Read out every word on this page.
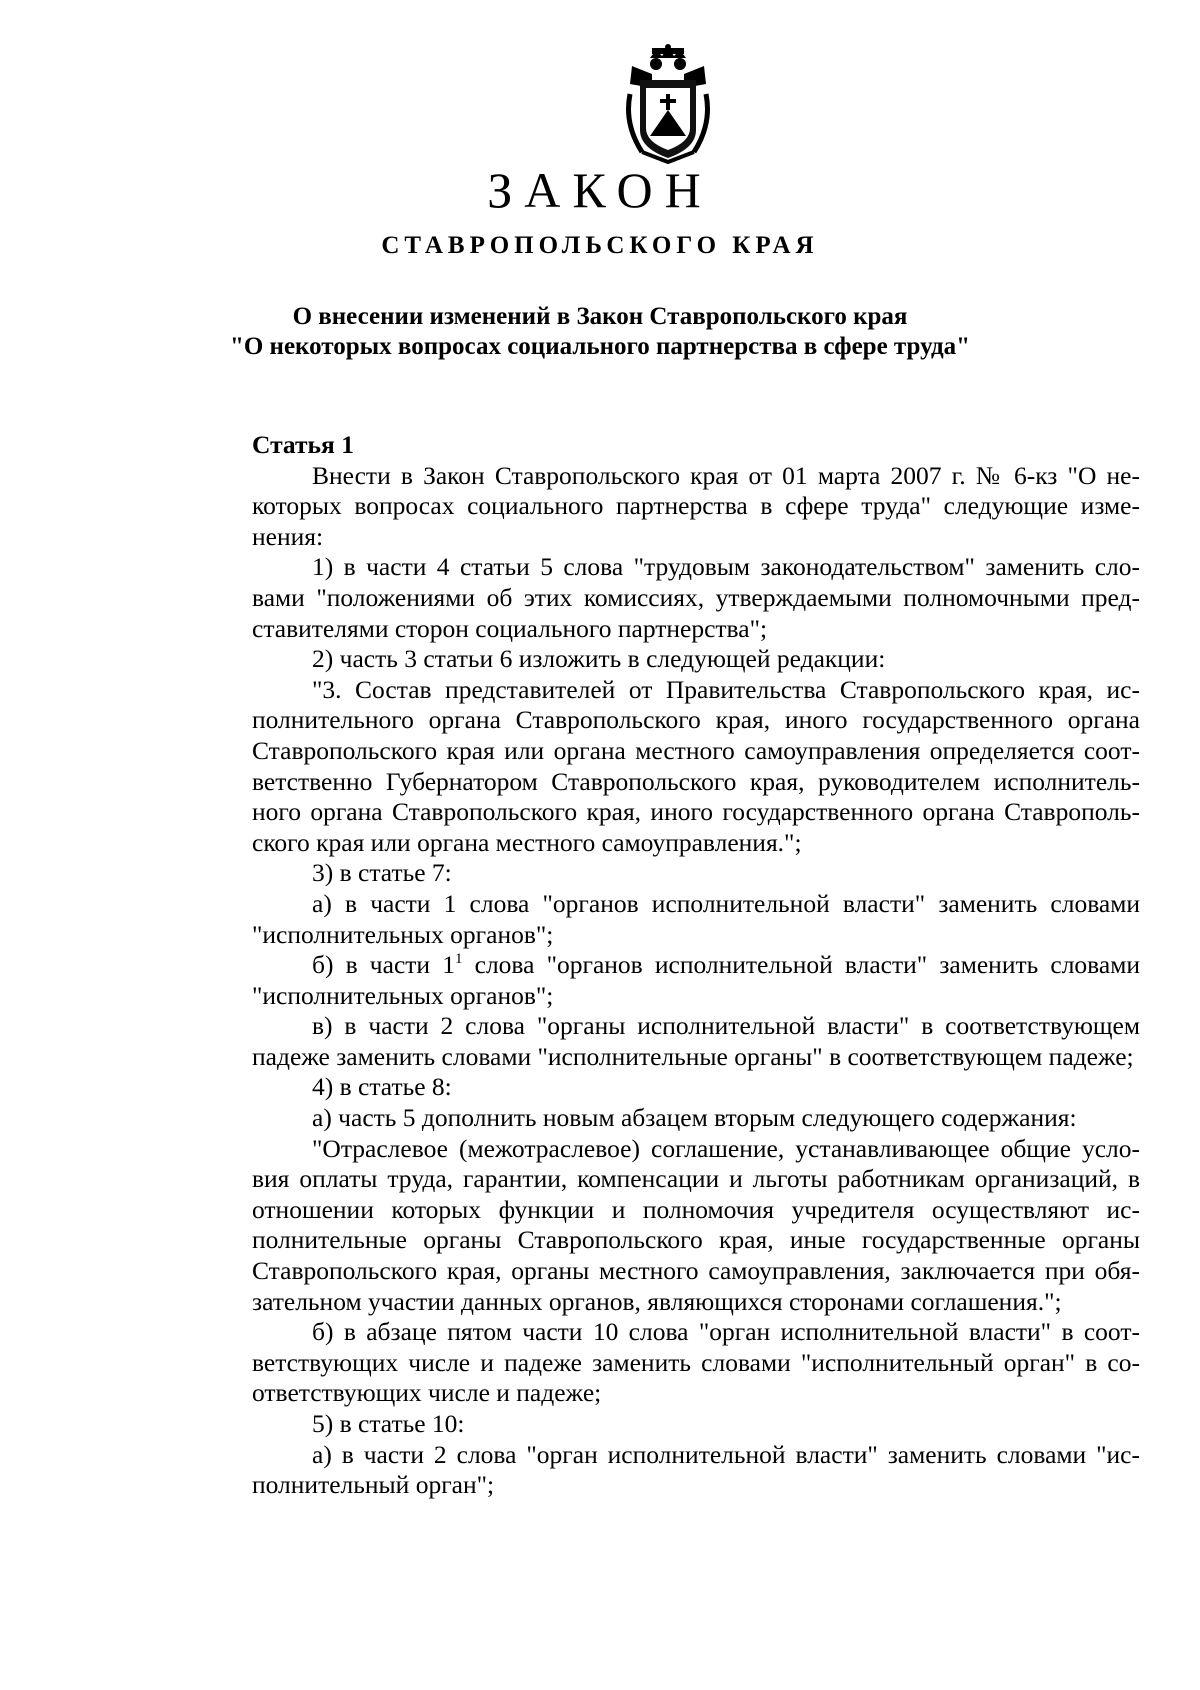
ЗАКОН
СТАВРОПОЛЬСКОГО КРАЯ
О внесении изменений в Закон Ставропольского края
"О некоторых вопросах социального партнерства в сфере труда"

Статья 1

Внести в Закон Ставропольского края от 01 марта 2007 г. № 6-кз "О некоторых вопросах социального партнерства в сфере труда" следующие изменения:

1) в части 4 статьи 5 слова "трудовым законодательством" заменить словами "положениями об этих комиссиях, утверждаемыми полномочными представителями сторон социального партнерства";

2) часть 3 статьи 6 изложить в следующей редакции:

"3. Состав представителей от Правительства Ставропольского края, исполнительного органа Ставропольского края, иного государственного органа Ставропольского края или органа местного самоуправления определяется соответственно Губернатором Ставропольского края, руководителем исполнительного органа Ставропольского края, иного государственного органа Ставропольского края или органа местного самоуправления.";

3) в статье 7:

а) в части 1 слова "органов исполнительной власти" заменить словами "исполнительных органов";

б) в части $1^1$ слова "органов исполнительной власти" заменить словами "исполнительных органов";

в) в части 2 слова "органы исполнительной власти" в соответствующем падеже заменить словами "исполнительные органы" в соответствующем падеже;

4) в статье 8:

а) часть 5 дополнить новым абзацем вторым следующего содержания:

"Отраслевое (межотраслевое) соглашение, устанавливающее общие условия оплаты труда, гарантии, компенсации и льготы работникам организаций, в отношении которых функции и полномочия учредителя осуществляют исполнительные органы Ставропольского края, иные государственные органы Ставропольского края, органы местного самоуправления, заключается при обязательном участии данных органов, являющихся сторонами соглашения.";

б) в абзаце пятом части 10 слова "орган исполнительной власти" в соответствующих числе и падеже заменить словами "исполнительный орган" в соответствующих числе и падеже;

5) в статье 10:

а) в части 2 слова "орган исполнительной власти" заменить словами "исполнительный орган";
